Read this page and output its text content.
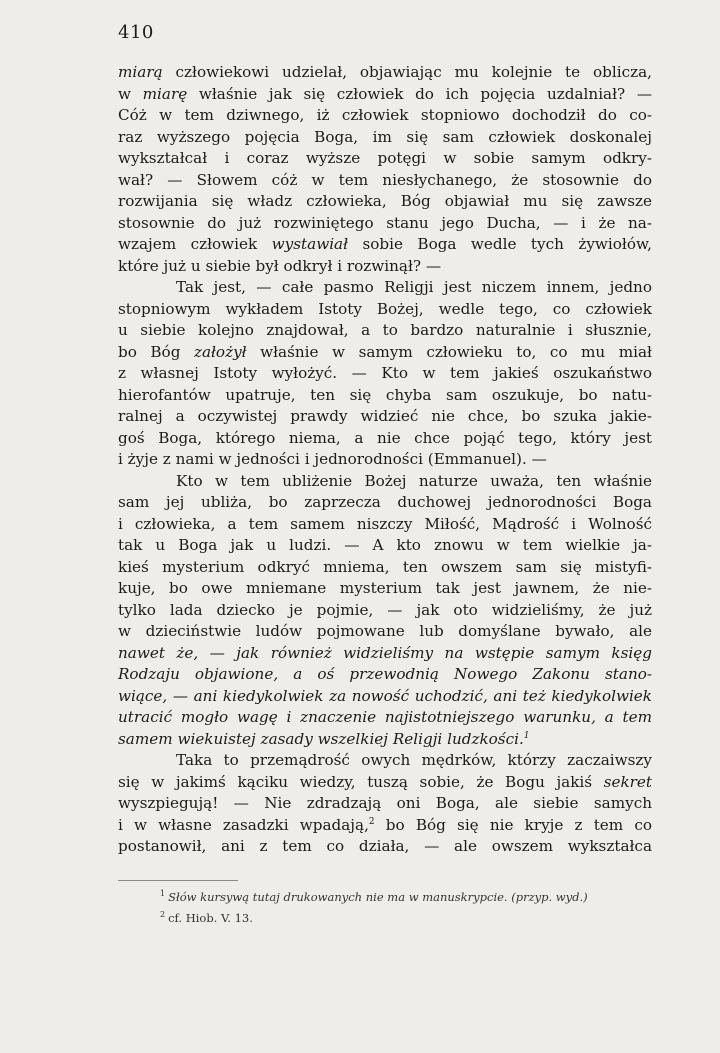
410
miarą człowiekowi udzielał, objawiając mu kolejnie te oblicza,
w miarę właśnie jak się człowiek do ich pojęcia uzdalniał? —
Cóż w tem dziwnego, iż człowiek stopniowo dochodził do co-
raz wyższego pojęcia Boga, im się sam człowiek doskonalej
wykształcał i coraz wyższe potęgi w sobie samym odkry-
wał? — Słowem cóż w tem niesłychanego, że stosownie do
rozwijania się władz człowieka, Bóg objawiał mu się zawsze
stosownie do już rozwiniętego stanu jego Ducha, — i że na-
wzajem człowiek wystawiał sobie Boga wedle tych żywiołów,
które już u siebie był odkrył i rozwinął? —
Tak jest, — całe pasmo Religji jest niczem innem, jedno
stopniowym wykładem Istoty Bożej, wedle tego, co człowiek
u siebie kolejno znajdował, a to bardzo naturalnie i słusznie,
bo Bóg założył właśnie w samym człowieku to, co mu miał
z własnej Istoty wyłożyć. — Kto w tem jakieś oszukaństwo
hierofantów upatruje, ten się chyba sam oszukuje, bo natu-
ralnej a oczywistej prawdy widzieć nie chce, bo szuka jakie-
goś Boga, którego niema, a nie chce pojąć tego, który jest
i żyje z nami w jedności i jednorodności (Emmanuel). —
Kto w tem ubliżenie Bożej naturze uważa, ten właśnie
sam jej ubliża, bo zaprzecza duchowej jednorodności Boga
i człowieka, a tem samem niszczy Miłość, Mądrość i Wolność
tak u Boga jak u ludzi. — A kto znowu w tem wielkie ja-
kieś mysterium odkryć mniema, ten owszem sam się mistyfi-
kuje, bo owe mniemane mysterium tak jest jawnem, że nie-
tylko lada dziecko je pojmie, — jak oto widzieliśmy, że już
w dzieciństwie ludów pojmowane lub domyślane bywało, ale
nawet że, — jak również widzieliśmy na wstępie samym księg
Rodzaju objawione, a oś przewodnią Nowego Zakonu stano-
wiące, — ani kiedykolwiek za nowość uchodzić, ani też kiedykolwiek
utracić mogło wagę i znaczenie najistotniejszego warunku, a tem
samem wiekuistej zasady wszelkiej Religji ludzkości.$^1$
Taka to przemądrość owych mędrków, którzy zaczaiwszy
się w jakimś kąciku wiedzy, tuszą sobie, że Bogu jakiś sekret
wyszpiegują! — Nie zdradzają oni Boga, ale siebie samych
i w własne zasadzki wpadają,$^2$ bo Bóg się nie kryje z tem co
postanowił, ani z tem co działa, — ale owszem wykształca
$^1$ Słów kursywą tutaj drukowanych nie ma w manuskrypcie. (przyp. wyd.)
$^2$ cf. Hiob. V. 13.
